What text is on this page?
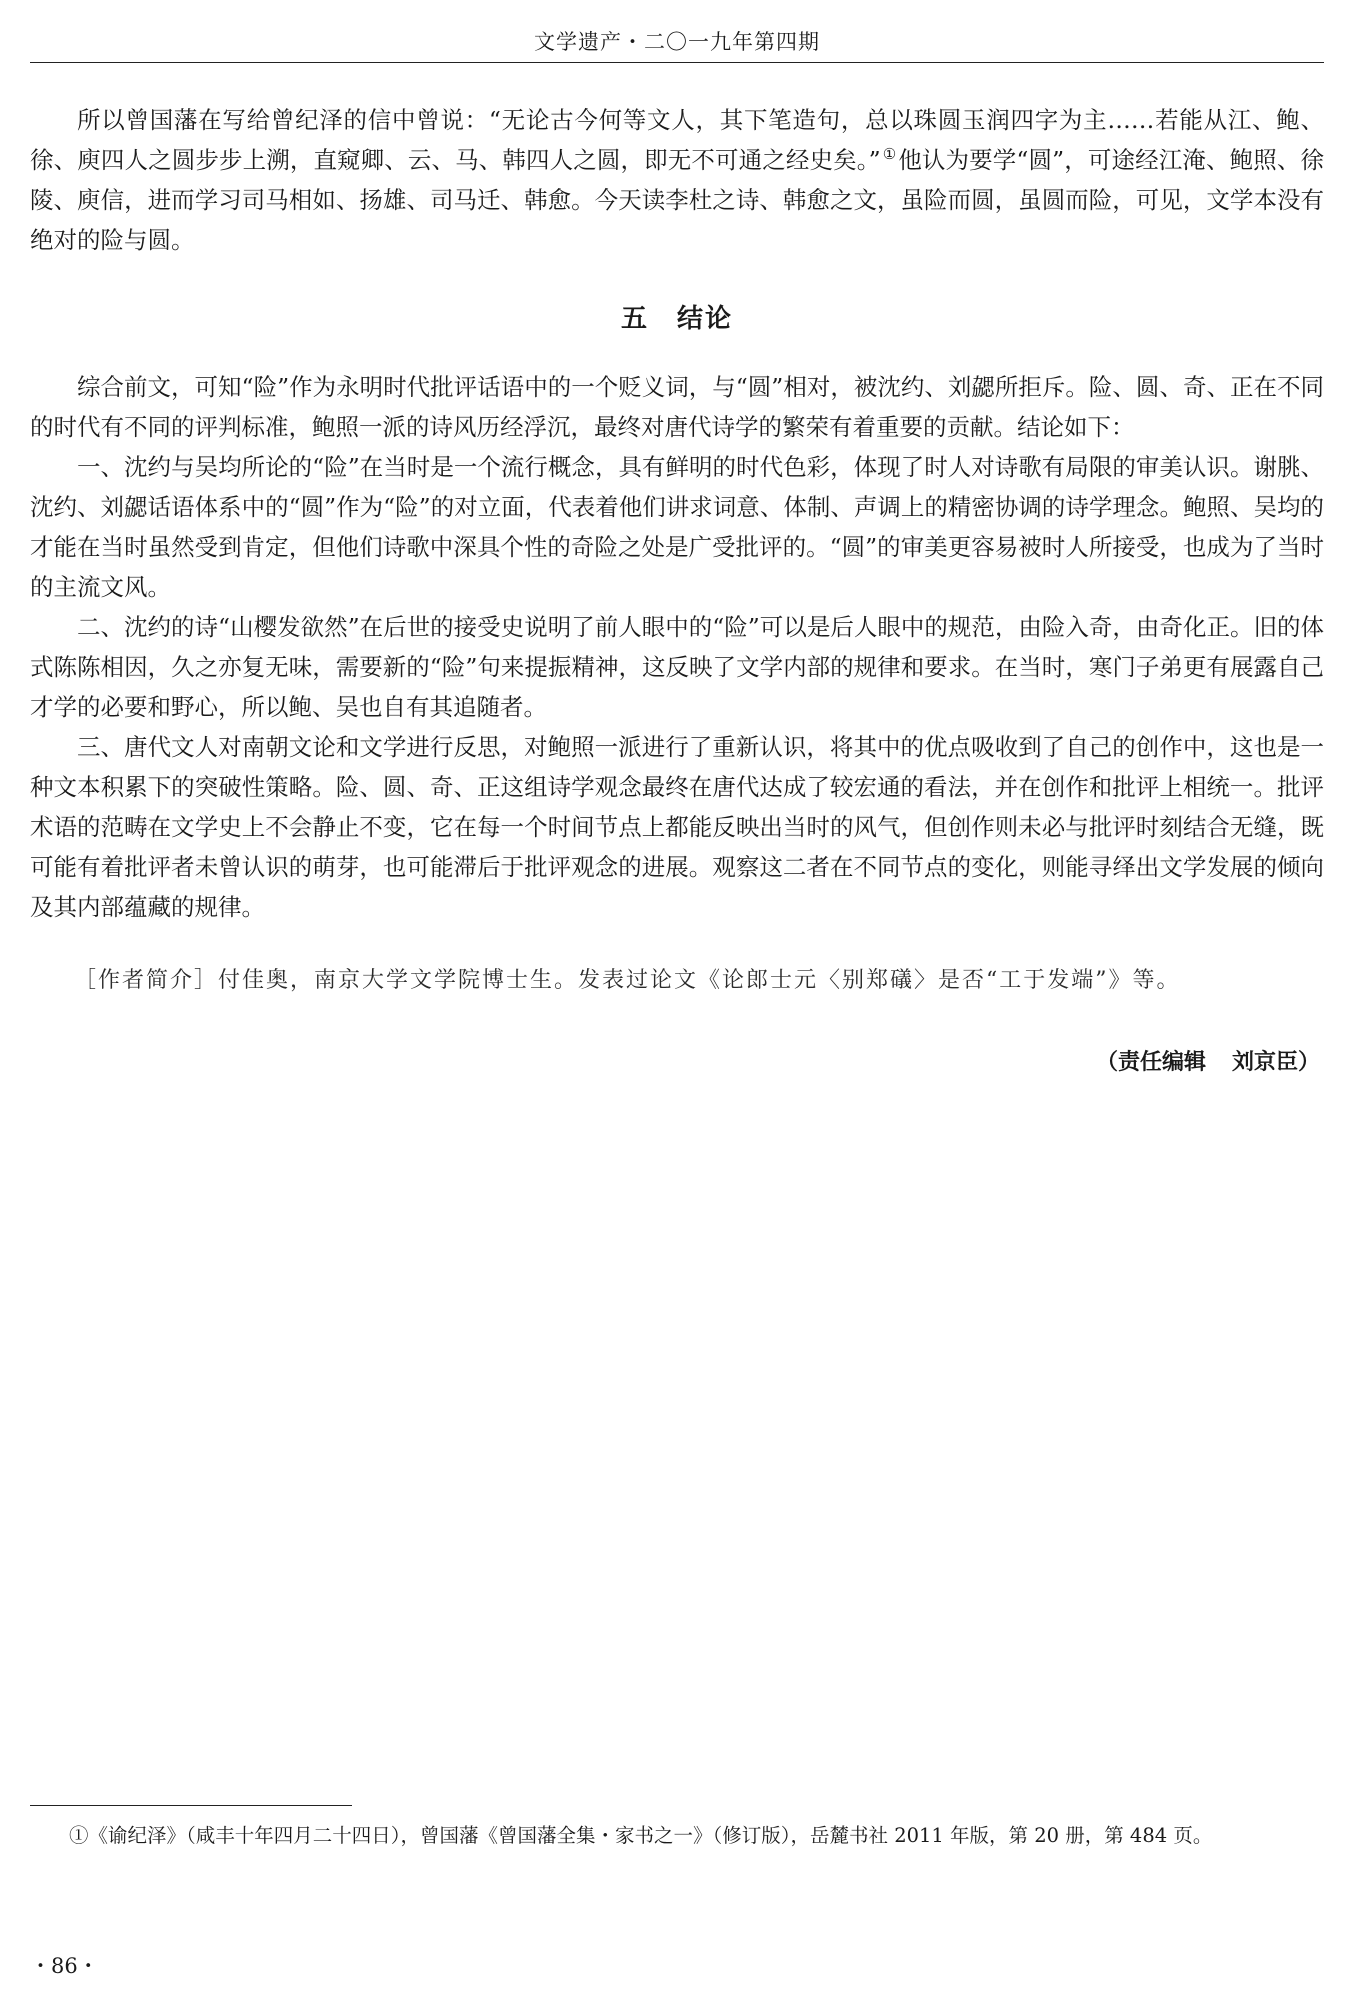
文学遗产・二〇一九年第四期

所以曾国藩在写给曾纪泽的信中曾说：“无论古今何等文人，其下笔造句，总以珠圆玉润四字为主……若能从江、鲍、徐、庾四人之圆步步上溯，直窥卿、云、马、韩四人之圆，即无不可通之经史矣。” ①他认为要学“圆”，可途经江淹、鲍照、徐陵、庾信，进而学习司马相如、扬雄、司马迁、韩愈。今天读李杜之诗、韩愈之文，虽险而圆，虽圆而险，可见，文学本没有绝对的险与圆。

五 结论

综合前文，可知“险”作为永明时代批评话语中的一个贬义词，与“圆”相对，被沈约、刘勰所拒斥。险、圆、奇、正在不同的时代有不同的评判标准，鲍照一派的诗风历经浮沉，最终对唐代诗学的繁荣有着重要的贡献。结论如下：

一、沈约与吴均所论的“险”在当时是一个流行概念，具有鲜明的时代色彩，体现了时人对诗歌有局限的审美认识。谢朓、沈约、刘勰话语体系中的“圆”作为“险”的对立面，代表着他们讲求词意、体制、声调上的精密协调的诗学理念。鲍照、吴均的才能在当时虽然受到肯定，但他们诗歌中深具个性的奇险之处是广受批评的。“圆”的审美更容易被时人所接受，也成为了当时的主流文风。

二、沈约的诗“山樱发欲然”在后世的接受史说明了前人眼中的“险”可以是后人眼中的规范，由险入奇，由奇化正。旧的体式陈陈相因，久之亦复无味，需要新的“险”句来提振精神，这反映了文学内部的规律和要求。在当时，寒门子弟更有展露自己才学的必要和野心，所以鲍、吴也自有其追随者。

三、唐代文人对南朝文论和文学进行反思，对鲍照一派进行了重新认识，将其中的优点吸收到了自己的创作中，这也是一种文本积累下的突破性策略。险、圆、奇、正这组诗学观念最终在唐代达成了较宏通的看法，并在创作和批评上相统一。批评术语的范畴在文学史上不会静止不变，它在每一个时间节点上都能反映出当时的风气，但创作则未必与批评时刻结合无缝，既可能有着批评者未曾认识的萌芽，也可能滞后于批评观念的进展。观察这二者在不同节点的变化，则能寻绎出文学发展的倾向及其内部蕴藏的规律。

［作者简介］付佳奥，南京大学文学院博士生。发表过论文《论郎士元〈别郑礒〉是否“工于发端”》等。

（责任编辑 刘京臣）

①《谕纪泽》（咸丰十年四月二十四日），曾国藩《曾国藩全集・家书之一》（修订版），岳麓书社 2011 年版，第 20 册，第 484 页。

・86・
